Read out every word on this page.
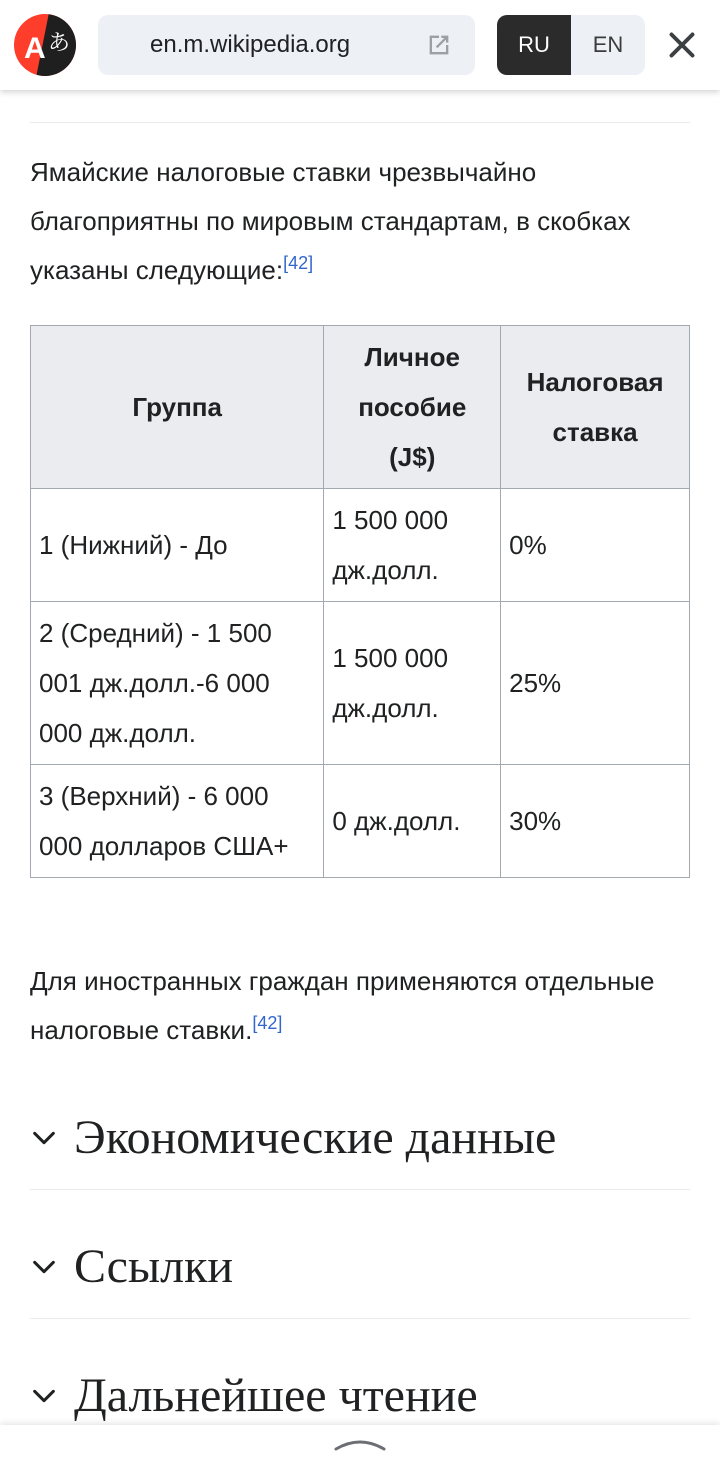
A あ	en.m.wikipedia.org	RU	EN

Ямайские налоговые ставки чрезвычайно благоприятны по мировым стандартам, в скобках указаны следующие:[42]

Группа	Личное пособие (J$)	Налоговая ставка
1 (Нижний) - До	1 500 000 дж.долл.	0%
2 (Средний) - 1 500 001 дж.долл.-6 000 000 дж.долл.	1 500 000 дж.долл.	25%
3 (Верхний) - 6 000 000 долларов США+	0 дж.долл.	30%

Для иностранных граждан применяются отдельные налоговые ставки.[42]

Экономические данные
Ссылки
Дальнейшее чтение
